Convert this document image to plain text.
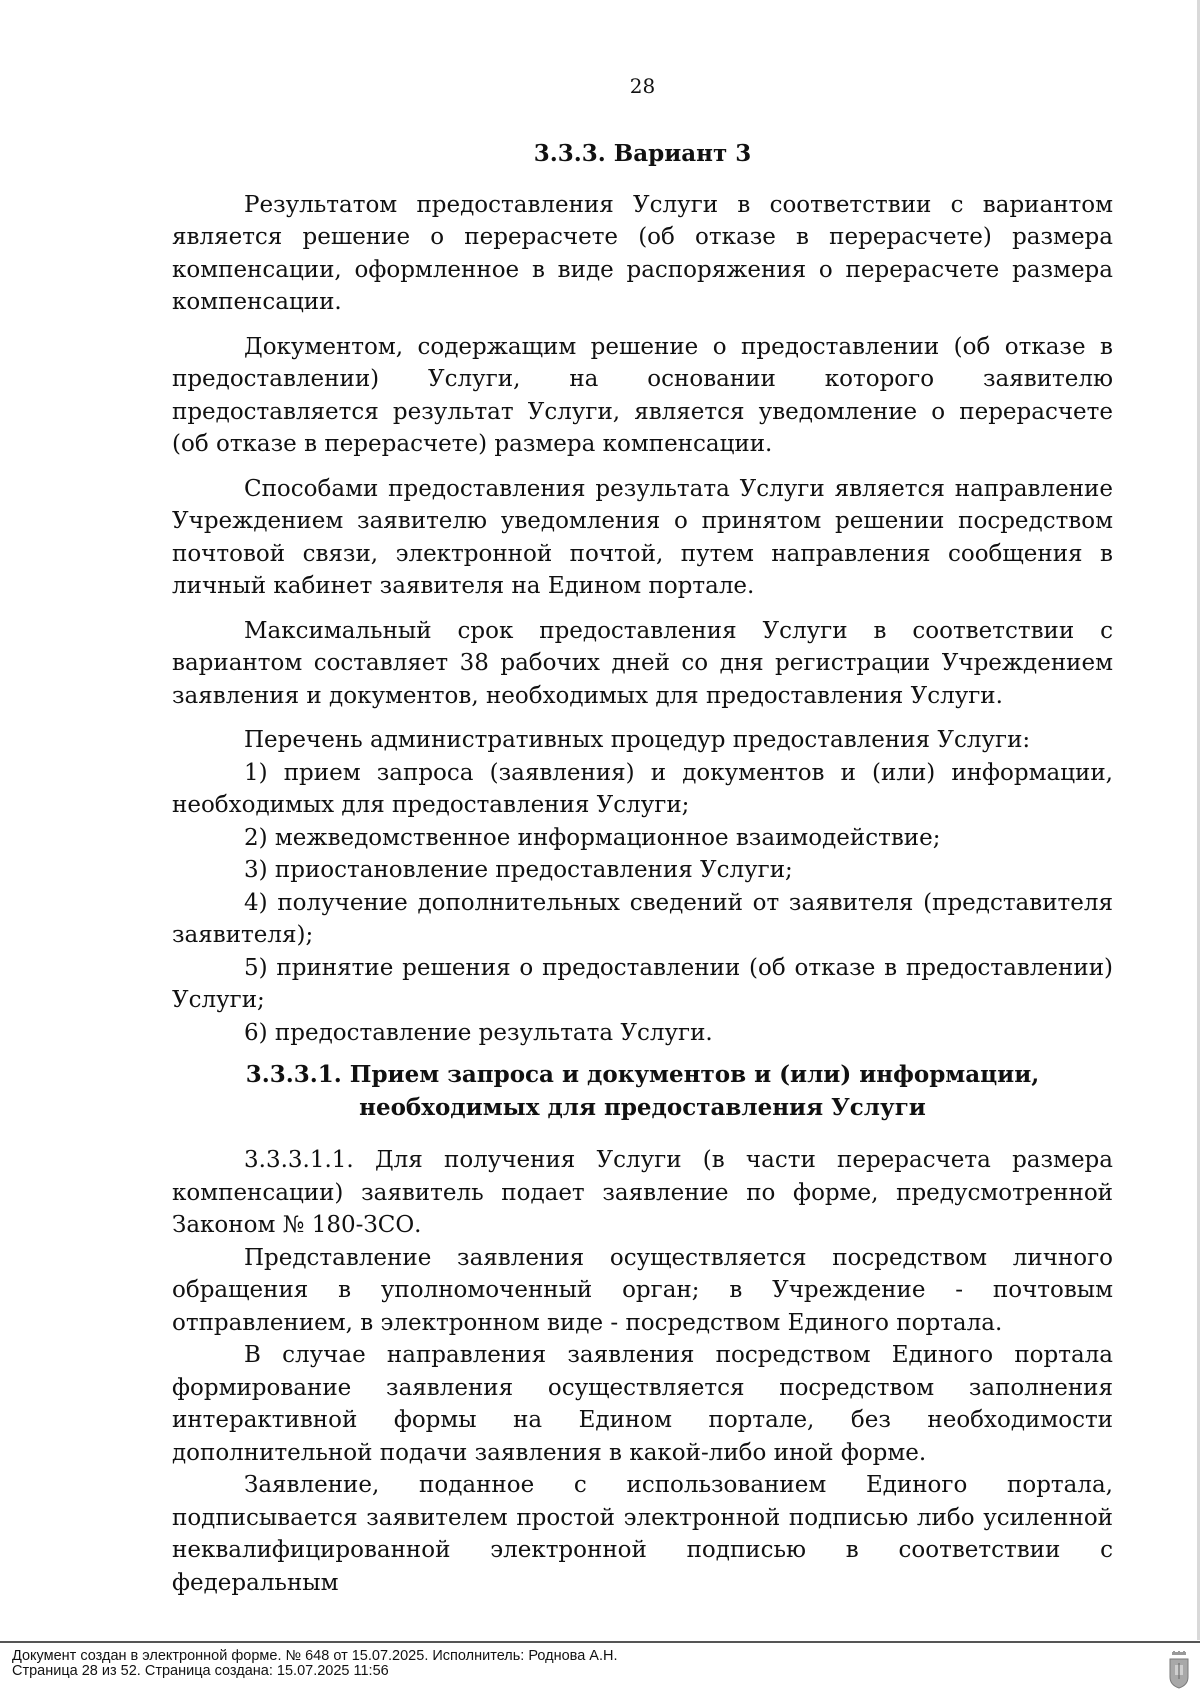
28
3.3.3. Вариант 3

Результатом предоставления Услуги в соответствии с вариантом является решение о перерасчете (об отказе в перерасчете) размера компенсации, оформленное в виде распоряжения о перерасчете размера компенсации.

Документом, содержащим решение о предоставлении (об отказе в предоставлении) Услуги, на основании которого заявителю предоставляется результат Услуги, является уведомление о перерасчете (об отказе в перерасчете) размера компенсации.

Способами предоставления результата Услуги является направление Учреждением заявителю уведомления о принятом решении посредством почтовой связи, электронной почтой, путем направления сообщения в личный кабинет заявителя на Едином портале.

Максимальный срок предоставления Услуги в соответствии с вариантом составляет 38 рабочих дней со дня регистрации Учреждением заявления и документов, необходимых для предоставления Услуги.

Перечень административных процедур предоставления Услуги:

1) прием запроса (заявления) и документов и (или) информации, необходимых для предоставления Услуги;

2) межведомственное информационное взаимодействие;

3) приостановление предоставления Услуги;

4) получение дополнительных сведений от заявителя (представителя заявителя);

5) принятие решения о предоставлении (об отказе в предоставлении) Услуги;

6) предоставление результата Услуги.

3.3.3.1. Прием запроса и документов и (или) информации, необходимых для предоставления Услуги

3.3.3.1.1. Для получения Услуги (в части перерасчета размера компенсации) заявитель подает заявление по форме, предусмотренной Законом № 180-ЗСО.

Представление заявления осуществляется посредством личного обращения в уполномоченный орган; в Учреждение - почтовым отправлением, в электронном виде - посредством Единого портала.

В случае направления заявления посредством Единого портала формирование заявления осуществляется посредством заполнения интерактивной формы на Едином портале, без необходимости дополнительной подачи заявления в какой-либо иной форме.

Заявление, поданное с использованием Единого портала, подписывается заявителем простой электронной подписью либо усиленной неквалифицированной электронной подписью в соответствии с федеральным

Документ создан в электронной форме. № 648 от 15.07.2025. Исполнитель: Роднова А.Н.
Страница 28 из 52. Страница создана: 15.07.2025 11:56
